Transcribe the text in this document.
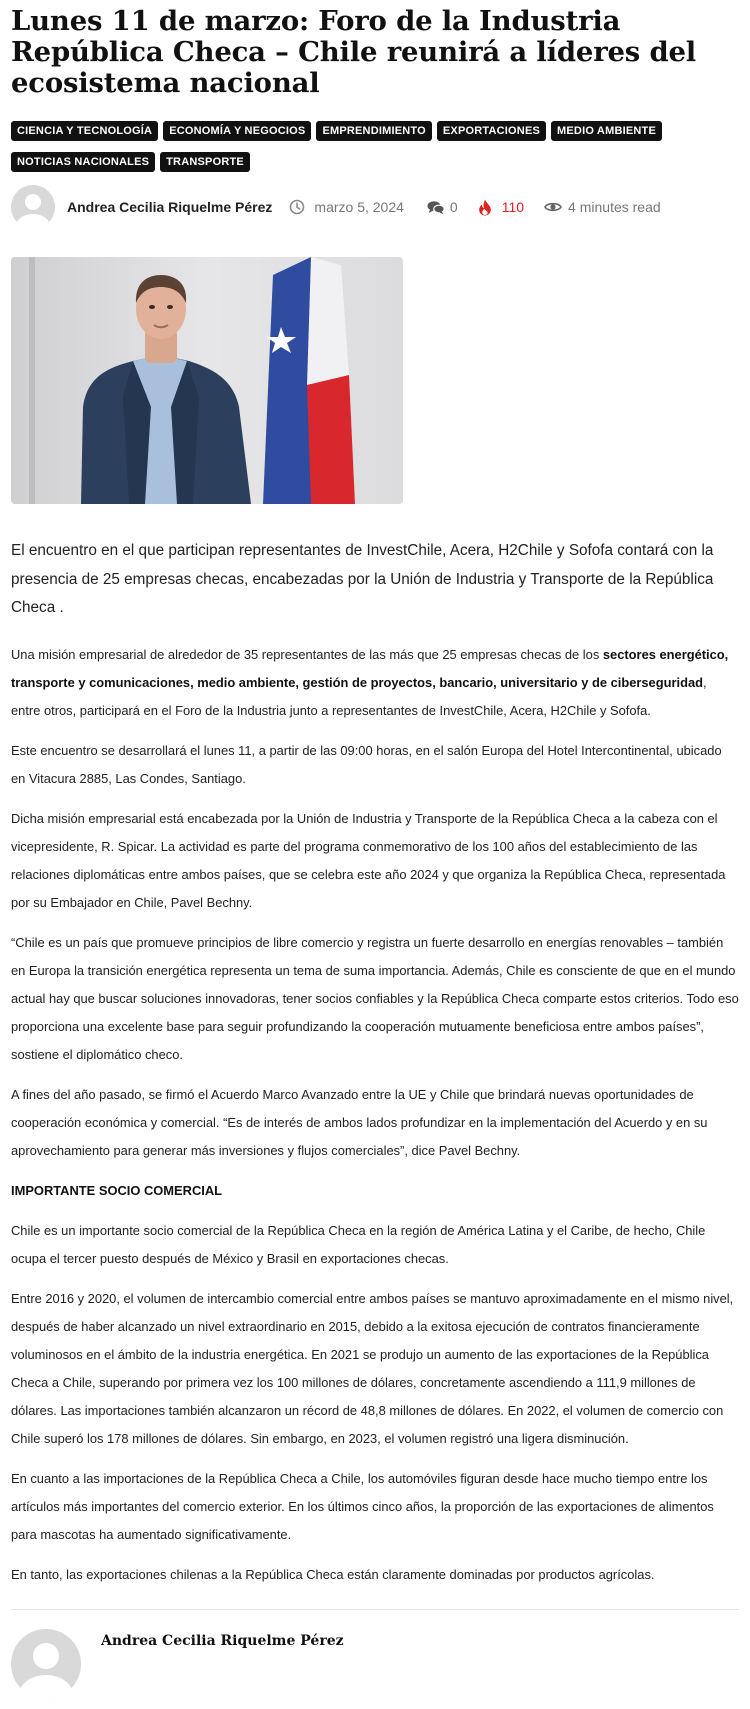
Lunes 11 de marzo: Foro de la Industria República Checa – Chile reunirá a líderes del ecosistema nacional
CIENCIA Y TECNOLOGÍA ECONOMÍA Y NEGOCIOS EMPRENDIMIENTO EXPORTACIONES MEDIO AMBIENTE
NOTICIAS NACIONALES TRANSPORTE
Andrea Cecilia Riquelme Pérez	marzo 5, 2024	0	110	4 minutes read

El encuentro en el que participan representantes de InvestChile, Acera, H2Chile y Sofofa contará con la presencia de 25 empresas checas, encabezadas por la Unión de Industria y Transporte de la República Checa .

Una misión empresarial de alrededor de 35 representantes de las más que 25 empresas checas de los sectores energético, transporte y comunicaciones, medio ambiente, gestión de proyectos, bancario, universitario y de ciberseguridad, entre otros, participará en el Foro de la Industria junto a representantes de InvestChile, Acera, H2Chile y Sofofa.

Este encuentro se desarrollará el lunes 11, a partir de las 09:00 horas, en el salón Europa del Hotel Intercontinental, ubicado en Vitacura 2885, Las Condes, Santiago.

Dicha misión empresarial está encabezada por la Unión de Industria y Transporte de la República Checa a la cabeza con el vicepresidente, R. Spicar. La actividad es parte del programa conmemorativo de los 100 años del establecimiento de las relaciones diplomáticas entre ambos países, que se celebra este año 2024 y que organiza la República Checa, representada por su Embajador en Chile, Pavel Bechny.

“Chile es un país que promueve principios de libre comercio y registra un fuerte desarrollo en energías renovables – también en Europa la transición energética representa un tema de suma importancia. Además, Chile es consciente de que en el mundo actual hay que buscar soluciones innovadoras, tener socios confiables y la República Checa comparte estos criterios. Todo eso proporciona una excelente base para seguir profundizando la cooperación mutuamente beneficiosa entre ambos países”, sostiene el diplomático checo.

A fines del año pasado, se firmó el Acuerdo Marco Avanzado entre la UE y Chile que brindará nuevas oportunidades de cooperación económica y comercial. “Es de interés de ambos lados profundizar en la implementación del Acuerdo y en su aprovechamiento para generar más inversiones y flujos comerciales”, dice Pavel Bechny.

IMPORTANTE SOCIO COMERCIAL

Chile es un importante socio comercial de la República Checa en la región de América Latina y el Caribe, de hecho, Chile ocupa el tercer puesto después de México y Brasil en exportaciones checas.

Entre 2016 y 2020, el volumen de intercambio comercial entre ambos países se mantuvo aproximadamente en el mismo nivel, después de haber alcanzado un nivel extraordinario en 2015, debido a la exitosa ejecución de contratos financieramente voluminosos en el ámbito de la industria energética. En 2021 se produjo un aumento de las exportaciones de la República Checa a Chile, superando por primera vez los 100 millones de dólares, concretamente ascendiendo a 111,9 millones de dólares. Las importaciones también alcanzaron un récord de 48,8 millones de dólares. En 2022, el volumen de comercio con Chile superó los 178 millones de dólares. Sin embargo, en 2023, el volumen registró una ligera disminución.

En cuanto a las importaciones de la República Checa a Chile, los automóviles figuran desde hace mucho tiempo entre los artículos más importantes del comercio exterior. En los últimos cinco años, la proporción de las exportaciones de alimentos para mascotas ha aumentado significativamente.

En tanto, las exportaciones chilenas a la República Checa están claramente dominadas por productos agrícolas.

Andrea Cecilia Riquelme Pérez
